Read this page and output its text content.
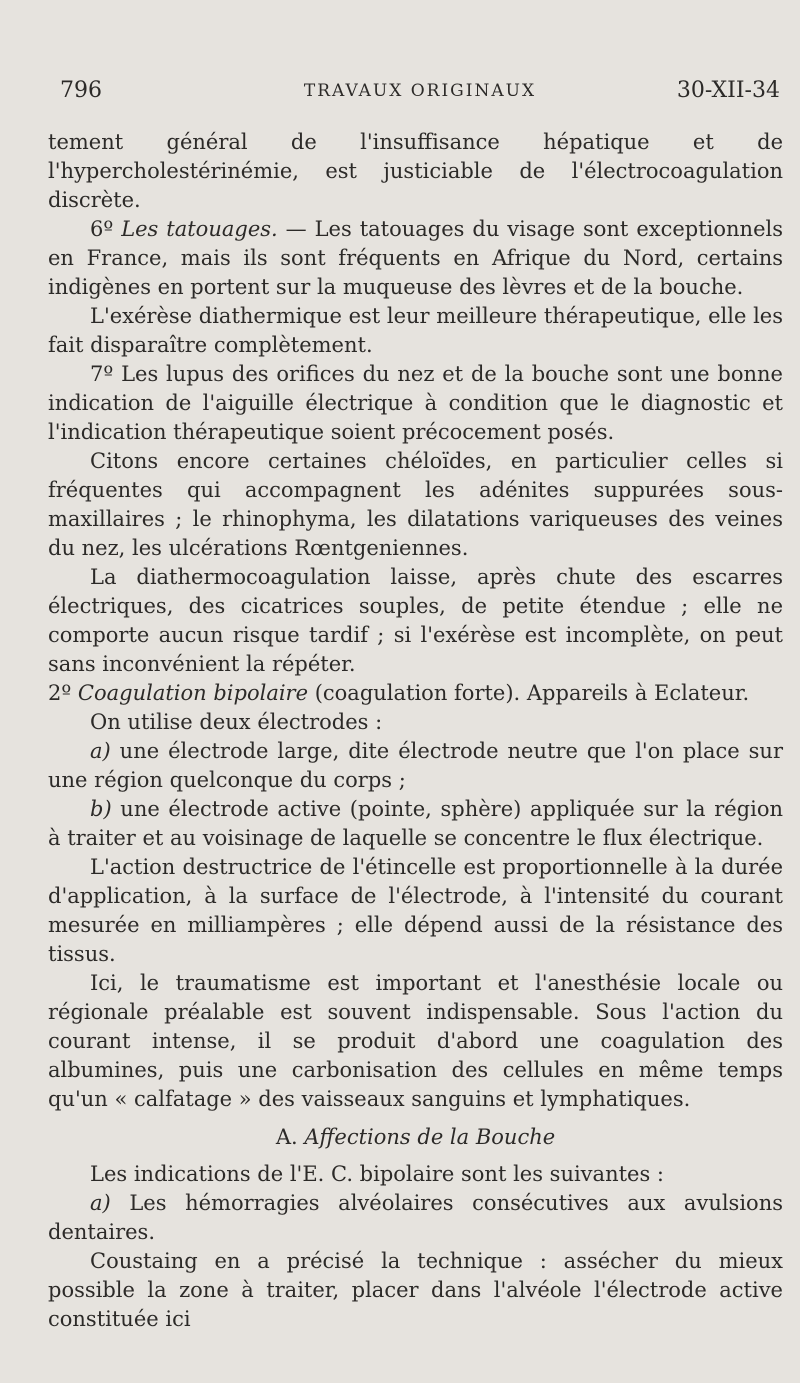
796	TRAVAUX ORIGINAUX	30-XII-34

tement général de l'insuffisance hépatique et de l'hypercholestérinémie, est justiciable de l'électrocoagulation discrète.

6º Les tatouages. — Les tatouages du visage sont exceptionnels en France, mais ils sont fréquents en Afrique du Nord, certains indigènes en portent sur la muqueuse des lèvres et de la bouche.

L'exérèse diathermique est leur meilleure thérapeutique, elle les fait disparaître complètement.

7º Les lupus des orifices du nez et de la bouche sont une bonne indication de l'aiguille électrique à condition que le diagnostic et l'indication thérapeutique soient précocement posés.

Citons encore certaines chéloïdes, en particulier celles si fréquentes qui accompagnent les adénites suppurées sous-maxillaires ; le rhinophyma, les dilatations variqueuses des veines du nez, les ulcérations Rœntgeniennes.

La diathermocoagulation laisse, après chute des escarres électriques, des cicatrices souples, de petite étendue ; elle ne comporte aucun risque tardif ; si l'exérèse est incomplète, on peut sans inconvénient la répéter.

2º Coagulation bipolaire (coagulation forte). Appareils à Eclateur.

On utilise deux électrodes :

a) une électrode large, dite électrode neutre que l'on place sur une région quelconque du corps ;

b) une électrode active (pointe, sphère) appliquée sur la région à traiter et au voisinage de laquelle se concentre le flux électrique.

L'action destructrice de l'étincelle est proportionnelle à la durée d'application, à la surface de l'électrode, à l'intensité du courant mesurée en milliampères ; elle dépend aussi de la résistance des tissus.

Ici, le traumatisme est important et l'anesthésie locale ou régionale préalable est souvent indispensable. Sous l'action du courant intense, il se produit d'abord une coagulation des albumines, puis une carbonisation des cellules en même temps qu'un « calfatage » des vaisseaux sanguins et lymphatiques.

A. Affections de la Bouche

Les indications de l'E. C. bipolaire sont les suivantes :

a) Les hémorragies alvéolaires consécutives aux avulsions dentaires.

Coustaing en a précisé la technique : assécher du mieux possible la zone à traiter, placer dans l'alvéole l'électrode active constituée ici
